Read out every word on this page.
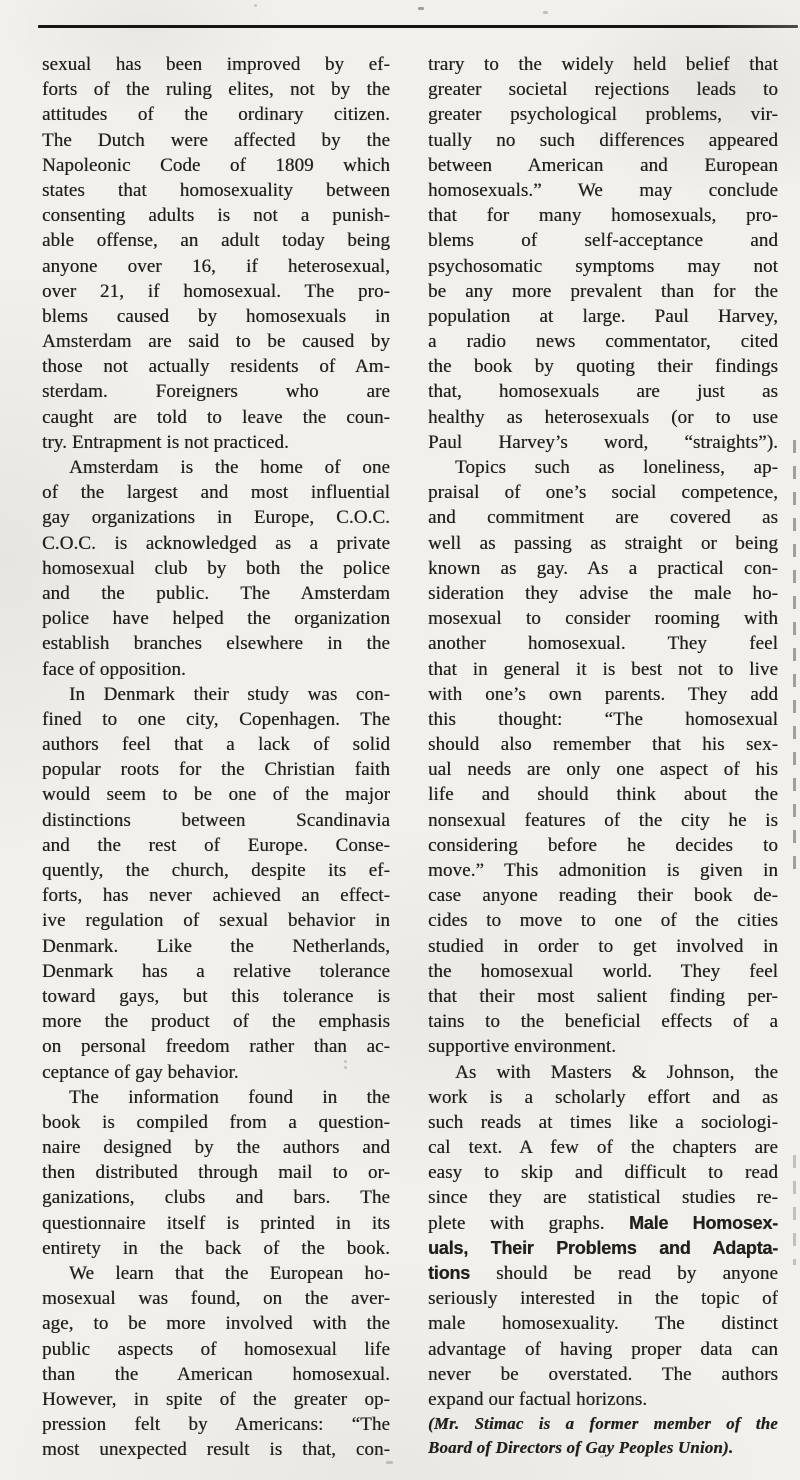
sexual has been improved by ef-
forts of the ruling elites, not by the
attitudes of the ordinary citizen.
The Dutch were affected by the
Napoleonic Code of 1809 which
states that homosexuality between
consenting adults is not a punish-
able offense, an adult today being
anyone over 16, if heterosexual,
over 21, if homosexual. The pro-
blems caused by homosexuals in
Amsterdam are said to be caused by
those not actually residents of Am-
sterdam. Foreigners who are
caught are told to leave the coun-
try. Entrapment is not practiced.
Amsterdam is the home of one
of the largest and most influential
gay organizations in Europe, C.O.C.
C.O.C. is acknowledged as a private
homosexual club by both the police
and the public. The Amsterdam
police have helped the organization
establish branches elsewhere in the
face of opposition.
In Denmark their study was con-
fined to one city, Copenhagen. The
authors feel that a lack of solid
popular roots for the Christian faith
would seem to be one of the major
distinctions between Scandinavia
and the rest of Europe. Conse-
quently, the church, despite its ef-
forts, has never achieved an effect-
ive regulation of sexual behavior in
Denmark. Like the Netherlands,
Denmark has a relative tolerance
toward gays, but this tolerance is
more the product of the emphasis
on personal freedom rather than ac-
ceptance of gay behavior.
The information found in the
book is compiled from a question-
naire designed by the authors and
then distributed through mail to or-
ganizations, clubs and bars. The
questionnaire itself is printed in its
entirety in the back of the book.
We learn that the European ho-
mosexual was found, on the aver-
age, to be more involved with the
public aspects of homosexual life
than the American homosexual.
However, in spite of the greater op-
pression felt by Americans: “The
most unexpected result is that, con-
trary to the widely held belief that
greater societal rejections leads to
greater psychological problems, vir-
tually no such differences appeared
between American and European
homosexuals.” We may conclude
that for many homosexuals, pro-
blems of self-acceptance and
psychosomatic symptoms may not
be any more prevalent than for the
population at large. Paul Harvey,
a radio news commentator, cited
the book by quoting their findings
that, homosexuals are just as
healthy as heterosexuals (or to use
Paul Harvey’s word, “straights”).
Topics such as loneliness, ap-
praisal of one’s social competence,
and commitment are covered as
well as passing as straight or being
known as gay. As a practical con-
sideration they advise the male ho-
mosexual to consider rooming with
another homosexual. They feel
that in general it is best not to live
with one’s own parents. They add
this thought: “The homosexual
should also remember that his sex-
ual needs are only one aspect of his
life and should think about the
nonsexual features of the city he is
considering before he decides to
move.” This admonition is given in
case anyone reading their book de-
cides to move to one of the cities
studied in order to get involved in
the homosexual world. They feel
that their most salient finding per-
tains to the beneficial effects of a
supportive environment.
As with Masters & Johnson, the
work is a scholarly effort and as
such reads at times like a sociologi-
cal text. A few of the chapters are
easy to skip and difficult to read
since they are statistical studies re-
plete with graphs. Male Homosex-
uals, Their Problems and Adapta-
tions should be read by anyone
seriously interested in the topic of
male homosexuality. The distinct
advantage of having proper data can
never be overstated. The authors
expand our factual horizons.
(Mr. Stimac is a former member of the
Board of Directors of Gay Peoples Union).
